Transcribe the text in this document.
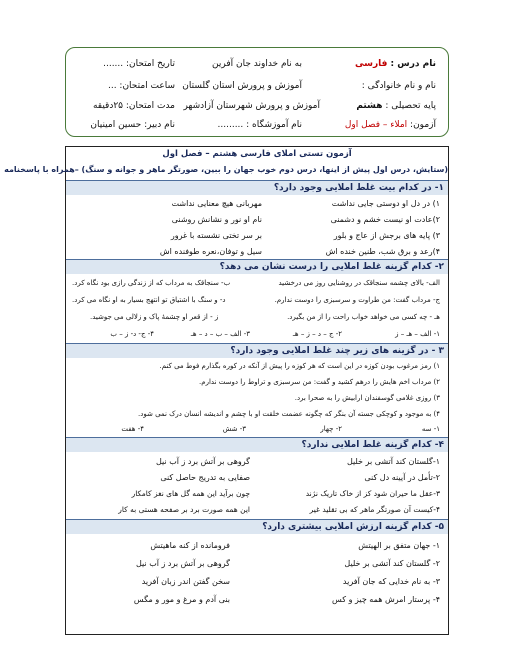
نام درس : فارسی
به نام خداوند جان آفرین
تاریخ امتحان: .......
نام و نام خانوادگی :
آموزش و پرورش استان گلستان
ساعت امتحان: ...
پایه تحصیلی : هشتم
آموزش و پرورش شهرستان آزادشهر
مدت امتحان: ۲۵دقیقه
آزمون: املاء – فصل اول
نام آموزشگاه : .........
نام دبیر: حسین امینیان
آزمون تستی املای فارسی هشتم – فصل اول
(ستایش، درس اول پیش از اینها، درس دوم خوب جهان را ببین، صورتگر ماهر و جوانه و سنگ) –همراه با پاسخنامه
۱- در کدام بیت غلط املایی وجود دارد؟
۱) در دل او دوستی جایی نداشت
مهربانی هیچ معنایی نداشت
۲)عادت او نیست خشم و دشمنی
نام او نور و نشانش روشنی
۳) پایه های برجش از عاج و بلور
بر سر تختی نشسته با غرور
۴)رعد و برق شب، طنین خنده اش
سیل و توفان،نعره طوفنده اش
۲- کدام گزینه غلط املایی را درست نشان می دهد؟
الف- بالای چشمه سنجاقک در روشنایی روز می درخشید
ب- سنجاقک به مرداب که از زندگی رازی بود نگاه کرد.
ج- مرداب گفت: من طراوت و سرسبزی را دوست ندارم.
د- و سنگ با اشتیاق تو انتهج بسیار به او نگاه می کرد.
هـ - چه کسی می خواهد خواب راحت را از من بگیرد.
ز - از قعر او چشمهٔ پاک و زلالی می جوشید.
۱- الف – هـ – ز
۲- ج – د – ز – هـ
۳- الف – ب – د – هـ
۴- ج- د- ز – ب
۳ - در گزینه های زیر چند غلط املایی وجود دارد؟
۱) رمز مرغوب بودن کوزه در این است که هر کوزه را پیش از آنکه در کوره بگذارم فوط می کنم.
۲) مرداب اخم هایش را درهم کشید و گفت: من سرسبزی و تراوط را دوست ندارم.
۳) روزی غلامی گوسفندان ارابیش را به صحرا برد.
۴) به موجود و کوچکی جسته آن بنگر که چگونه عضمت خلقت او با چشم و اندیشه انسان درک نمی شود.
۱- سه
۲- چهار
۳- شش
۴- هفت
۴- کدام گزینه غلط املایی ندارد؟
۱-گلستان کند آتشی بر خلیل
گروهی بر آتش برد ز آب نیل
۲-تأمل در آیینه دل کنی
صفایی به تدریج حاصل کنی
۳-عقل ما حیران شود کز از خاک تاریک نژند
چون برآید این همه گل های نغز کامکار
۴-کیست آن صورتگر ماهر که بی تقلید غیر
این همه صورت برد بر صفحه هستی به کار
۵- کدام گزینه ارزش املایی بیشتری دارد؟
۱- جهان متفق بر الهیتش
فرومانده از کنه ماهیتش
۲- گلستان کند آتشی بر خلیل
گروهی بر آتش برد ز آب نیل
۳- به نام خدایی که جان آفرید
سخن گفتن اندر زبان آفرید
۴- پرستار امرش همه چیز و کس
بنی آدم و مرغ و مور و مگس
